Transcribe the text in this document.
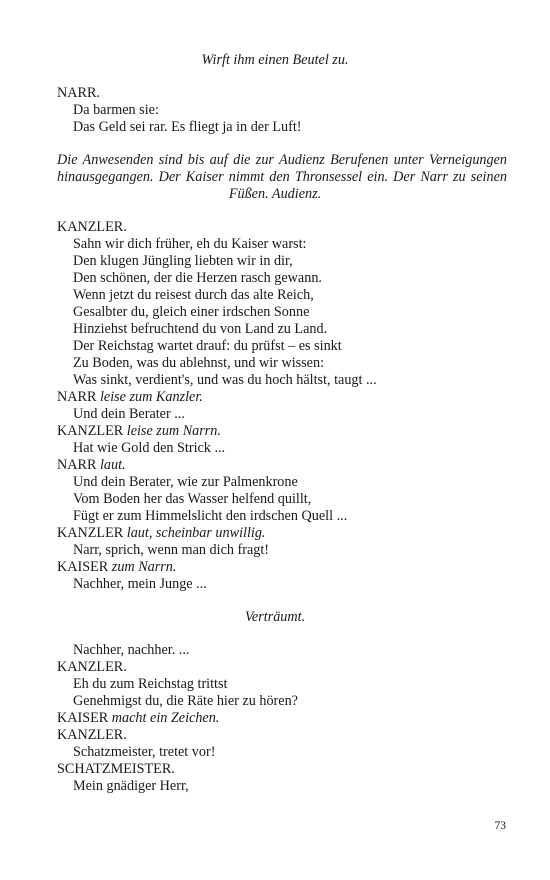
Wirft ihm einen Beutel zu.
NARR.
Da barmen sie:
Das Geld sei rar. Es fliegt ja in der Luft!
Die Anwesenden sind bis auf die zur Audienz Berufenen unter Verneigungen
hinausgegangen. Der Kaiser nimmt den Thronsessel ein. Der Narr zu seinen
Füßen. Audienz.
KANZLER.
Sahn wir dich früher, eh du Kaiser warst:
Den klugen Jüngling liebten wir in dir,
Den schönen, der die Herzen rasch gewann.
Wenn jetzt du reisest durch das alte Reich,
Gesalbter du, gleich einer irdschen Sonne
Hinziehst befruchtend du von Land zu Land.
Der Reichstag wartet drauf: du prüfst – es sinkt
Zu Boden, was du ablehnst, und wir wissen:
Was sinkt, verdient's, und was du hoch hältst, taugt ...
NARR leise zum Kanzler.
Und dein Berater ...
KANZLER leise zum Narrn.
Hat wie Gold den Strick ...
NARR laut.
Und dein Berater, wie zur Palmenkrone
Vom Boden her das Wasser helfend quillt,
Fügt er zum Himmelslicht den irdschen Quell ...
KANZLER laut, scheinbar unwillig.
Narr, sprich, wenn man dich fragt!
KAISER zum Narrn.
Nachher, mein Junge ...
Verträumt.
Nachher, nachher. ...
KANZLER.
Eh du zum Reichstag trittst
Genehmigst du, die Räte hier zu hören?
KAISER macht ein Zeichen.
KANZLER.
Schatzmeister, tretet vor!
SCHATZMEISTER.
Mein gnädiger Herr,
73
